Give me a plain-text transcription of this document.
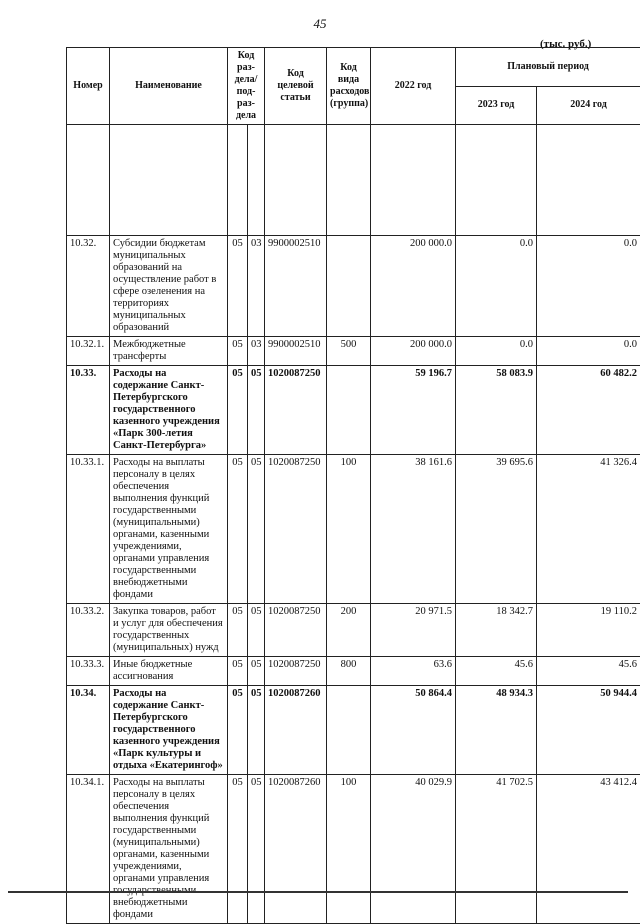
45
(тыс. руб.)
Номер	Наименование	Код раз-дела/ под-раз-дела		Код целевой статьи	Код вида расходов (группа)	2022 год	Плановый период	
							2023 год	2024 год

10.32.	Субсидии бюджетам муниципальных образований на осуществление работ в сфере озеленения на территориях муниципальных образований	05	03	9900002510		200 000.0	0.0	0.0
10.32.1.	Межбюджетные трансферты	05	03	9900002510	500	200 000.0	0.0	0.0
10.33.	Расходы на содержание Санкт-Петербургского государственного казенного учреждения «Парк 300-летия Санкт-Петербурга»	05	05	1020087250		59 196.7	58 083.9	60 482.2
10.33.1.	Расходы на выплаты персоналу в целях обеспечения выполнения функций государственными (муниципальными) органами, казенными учреждениями, органами управления государственными внебюджетными фондами	05	05	1020087250	100	38 161.6	39 695.6	41 326.4
10.33.2.	Закупка товаров, работ и услуг для обеспечения государственных (муниципальных) нужд	05	05	1020087250	200	20 971.5	18 342.7	19 110.2
10.33.3.	Иные бюджетные ассигнования	05	05	1020087250	800	63.6	45.6	45.6
10.34.	Расходы на содержание Санкт-Петербургского государственного казенного учреждения «Парк культуры и отдыха «Екатерингоф»	05	05	1020087260		50 864.4	48 934.3	50 944.4
10.34.1.	Расходы на выплаты персоналу в целях обеспечения выполнения функций государственными (муниципальными) органами, казенными учреждениями, органами управления государственными внебюджетными фондами	05	05	1020087260	100	40 029.9	41 702.5	43 412.4
